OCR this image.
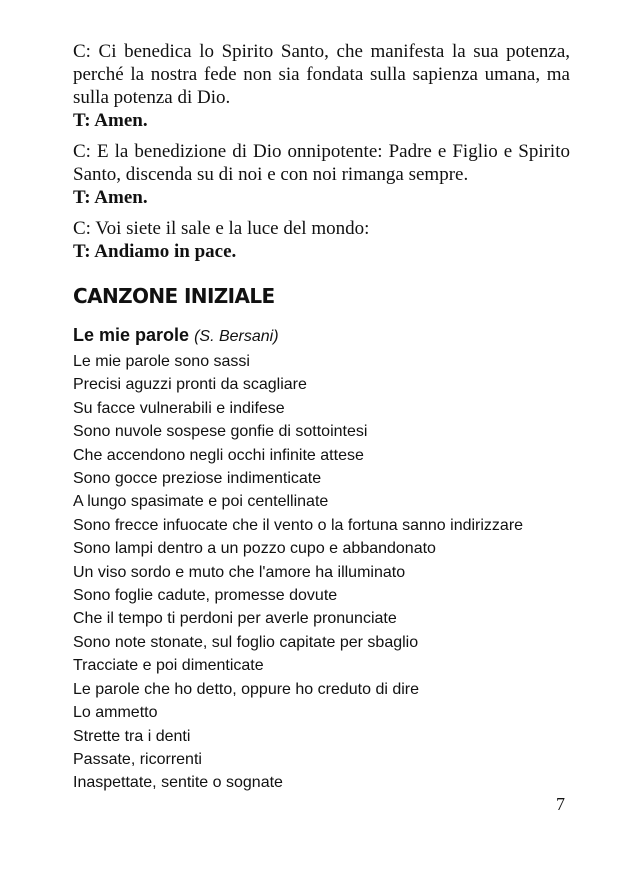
C: Ci benedica lo Spirito Santo, che manifesta la sua potenza, perché la nostra fede non sia fondata sulla sapienza umana, ma sulla potenza di Dio.

T: Amen.

C: E la benedizione di Dio onnipotente: Padre e Figlio e Spirito Santo, discenda su di noi e con noi rimanga sempre.

T: Amen.

C: Voi siete il sale e la luce del mondo:

T: Andiamo in pace.

CANZONE INIZIALE

Le mie parole (S. Bersani)

Le mie parole sono sassi

Precisi aguzzi pronti da scagliare

Su facce vulnerabili e indifese

Sono nuvole sospese gonfie di sottointesi

Che accendono negli occhi infinite attese

Sono gocce preziose indimenticate

A lungo spasimate e poi centellinate

Sono frecce infuocate che il vento o la fortuna sanno indirizzare

Sono lampi dentro a un pozzo cupo e abbandonato

Un viso sordo e muto che l'amore ha illuminato

Sono foglie cadute, promesse dovute

Che il tempo ti perdoni per averle pronunciate

Sono note stonate, sul foglio capitate per sbaglio

Tracciate e poi dimenticate

Le parole che ho detto, oppure ho creduto di dire

Lo ammetto

Strette tra i denti

Passate, ricorrenti

Inaspettate, sentite o sognate

7
